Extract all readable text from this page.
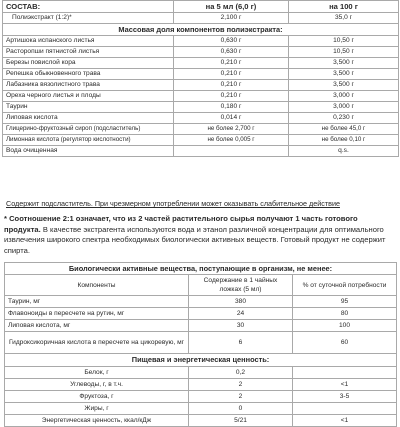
СОСТАВ:	на 5 мл (6,0 г)	на 100 г
Полиэкстракт (1:2)*	2,100 г	35,0 г
Массовая доля компонентов полиэкстракта:		
Артишока испанского листья	0,630 г	10,50 г
Расторопши пятнистой листья	0,630 г	10,50 г
Березы повислой кора	0,210 г	3,500 г
Репешка обыкновенного трава	0,210 г	3,500 г
Лабазника вязолистного трава	0,210 г	3,500 г
Ореха черного листья и плоды	0,210 г	3,000 г
Таурин	0,180 г	3,000 г
Липовая кислота	0,014 г	0,230 г
Глицерино-фруктозный сироп (подсластитель)	не более 2,700 г	не более 45,0 г
Лимонная кислота (регулятор кислотности)	не более 0,005 г	не более 0,10 г
Вода очищенная		q.s.
Содержит подсластитель. При чрезмерном употреблении может оказывать слабительное действие
* Соотношение 2:1 означает, что из 2 частей растительного сырья получают 1 часть готового продукта. В качестве экстрагента используются вода и этанол различной концентрации для оптимального извлечения широкого спектра необходимых биологически активных веществ. Готовый продукт не содержит спирта.
Биологически активные вещества, поступающие в организм, не менее:		
Компоненты	Содержание в 1 чайных ложках (5 мл)	% от суточной потребности
Таурин, мг	380	95
Флавоноиды в пересчете на рутин, мг	24	80
Липовая кислота, мг	30	100
Гидроксикоричная кислота в пересчете на цикоревую, мг	6	60
Пищевая и энергетическая ценность:		
Белок, г	0,2	
Углеводы, г, в т.ч.	2	<1
Фруктоза, г	2	3-5
Жиры, г	0	
Энергетическая ценность, ккал/кДж	5/21	<1
